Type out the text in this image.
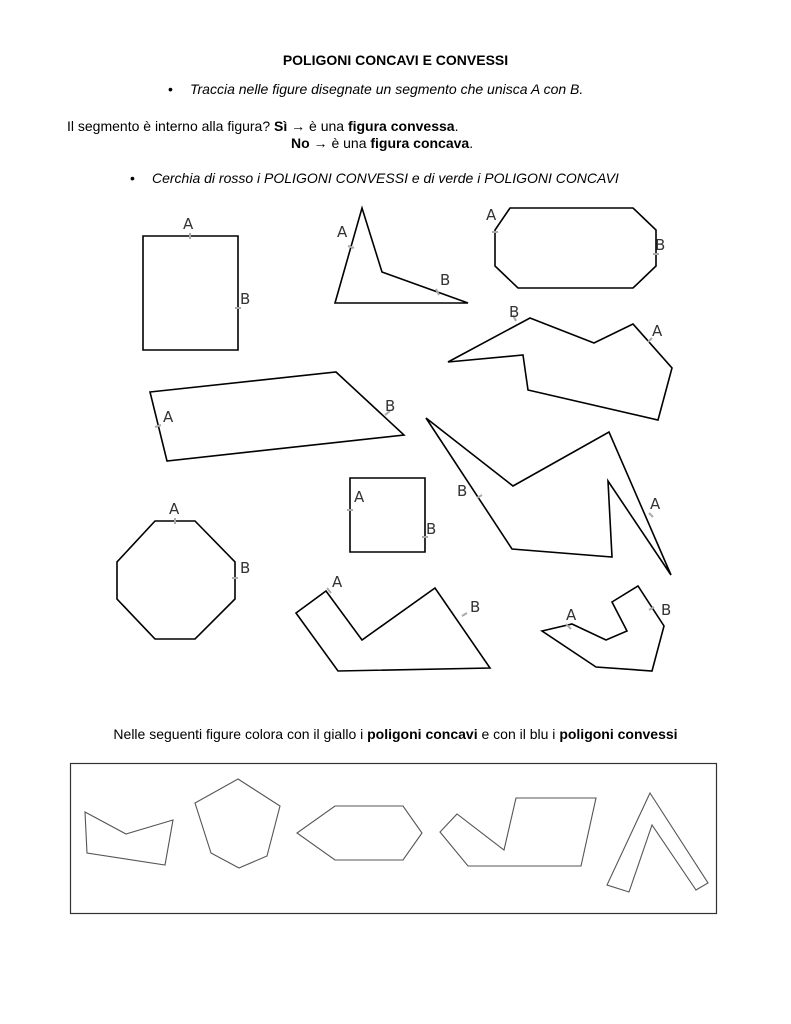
POLIGONI CONCAVI E CONVESSI
• Traccia nelle figure disegnate un segmento che unisca A con B.
Il segmento è interno alla figura? Sì → è una figura convessa.
No → è una figura concava.
• Cerchia di rosso i POLIGONI CONVESSI e di verde i POLIGONI CONCAVI
A
B
A
B
A
B
B
A
A
B
A
B
B
A
A
B
A
B	A	B
Nelle seguenti figure colora con il giallo i poligoni concavi e con il blu i poligoni convessi
